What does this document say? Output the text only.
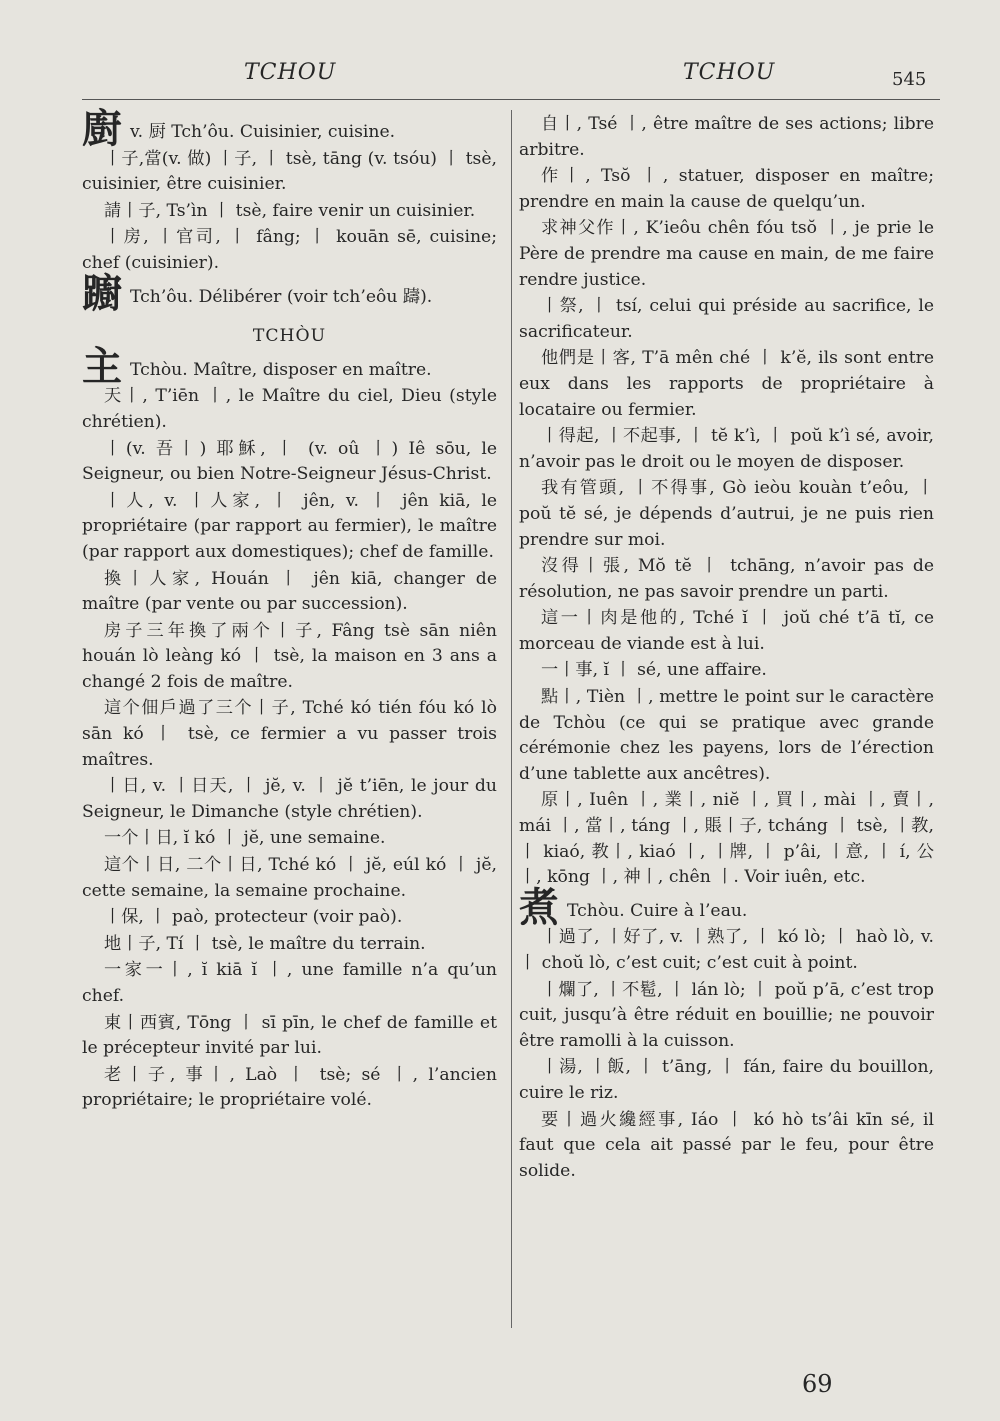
TCHOU	TCHOU	545

廚v. 厨 Tch’ôu. Cuisinier, cuisine.

丨子,當(v. 做) 丨子, 丨 tsè, tāng (v. tsóu) 丨 tsè, cuisinier, être cuisinier.

請丨子, Ts’ìn 丨 tsè, faire venir un cuisinier.

丨房, 丨官司, 丨 fâng; 丨 kouān sē, cuisine; chef (cuisinier).

躕 Tch’ôu. Délibérer (voir tch’eôu 躊).

TCHÒU

主 Tchòu. Maître, disposer en maître.

天丨, T’iēn 丨, le Maître du ciel, Dieu (style chrétien).

丨(v. 吾丨) 耶穌, 丨 (v. oû 丨) Iê sōu, le Seigneur, ou bien Notre-Seigneur Jésus-Christ.

丨人, v. 丨人家, 丨 jên, v. 丨 jên kiā, le propriétaire (par rapport au fermier), le maître (par rapport aux domestiques); chef de famille.

換丨人家, Houán 丨 jên kiā, changer de maître (par vente ou par succession).

房子三年換了兩个丨子, Fâng tsè sān niên houán lò leàng kó 丨 tsè, la maison en 3 ans a changé 2 fois de maître.

這个佃戶過了三个丨子, Tché kó tién fóu kó lò sān kó 丨 tsè, ce fermier a vu passer trois maîtres.

丨日, v. 丨日天, 丨 jĕ, v. 丨 jĕ t’iēn, le jour du Seigneur, le Dimanche (style chrétien).

一个丨日, ĭ kó 丨 jĕ, une semaine.

這个丨日, 二个丨日, Tché kó 丨 jĕ, eúl kó 丨 jĕ, cette semaine, la semaine prochaine.

丨保, 丨 paò, protecteur (voir paò).

地丨子, Tí 丨 tsè, le maître du terrain.

一家一丨, ĭ kiā ĭ 丨, une famille n’a qu’un chef.

東丨西賓, Tōng 丨 sī pīn, le chef de famille et le précepteur invité par lui.

老丨子, 事丨, Laò 丨 tsè; sé 丨, l’ancien propriétaire; le propriétaire volé.

自丨, Tsé 丨, être maître de ses actions; libre arbitre.

作丨, Tsŏ 丨, statuer, disposer en maître; prendre en main la cause de quelqu’un.

求神父作丨, K’ieôu chên fóu tsŏ 丨, je prie le Père de prendre ma cause en main, de me faire rendre justice.

丨祭, 丨 tsí, celui qui préside au sacrifice, le sacrificateur.

他們是丨客, T’ā mên ché 丨 k’ĕ, ils sont entre eux dans les rapports de propriétaire à locataire ou fermier.

丨得起, 丨不起事, 丨 tĕ k’ì, 丨 poŭ k’ì sé, avoir, n’avoir pas le droit ou le moyen de disposer.

我有管頭, 丨不得事, Gò ieòu kouàn t’eôu, 丨 poŭ tĕ sé, je dépends d’autrui, je ne puis rien prendre sur moi.

沒得丨張, Mŏ tĕ 丨 tchāng, n’avoir pas de résolution, ne pas savoir prendre un parti.

這一丨肉是他的, Tché ĭ 丨 joŭ ché t’ā tĭ, ce morceau de viande est à lui.

一丨事, ĭ 丨 sé, une affaire.

點丨, Tièn 丨, mettre le point sur le caractère de Tchòu (ce qui se pratique avec grande cérémonie chez les payens, lors de l’érection d’une tablette aux ancêtres).

原丨, Iuên 丨, 業丨, niĕ 丨, 買丨, mài 丨, 賣丨, mái 丨, 當丨, táng 丨, 賬丨子, tcháng 丨 tsè, 丨教, 丨 kiaó, 教丨, kiaó 丨, 丨牌, 丨 p’âi, 丨意, 丨 í, 公丨, kōng 丨, 神丨, chên 丨. Voir iuên, etc.

煮 Tchòu. Cuire à l’eau.

丨過了, 丨好了, v. 丨熟了, 丨 kó lò; 丨 haò lò, v. 丨 choŭ lò, c’est cuit; c’est cuit à point.

丨爛了, 丨不髱, 丨 lán lò; 丨 poŭ p’ā, c’est trop cuit, jusqu’à être réduit en bouillie; ne pouvoir être ramolli à la cuisson.

丨湯, 丨飯, 丨 t’āng, 丨 fán, faire du bouillon, cuire le riz.

要丨過火纔經事, Iáo 丨 kó hò ts’âi kīn sé, il faut que cela ait passé par le feu, pour être solide.

69
